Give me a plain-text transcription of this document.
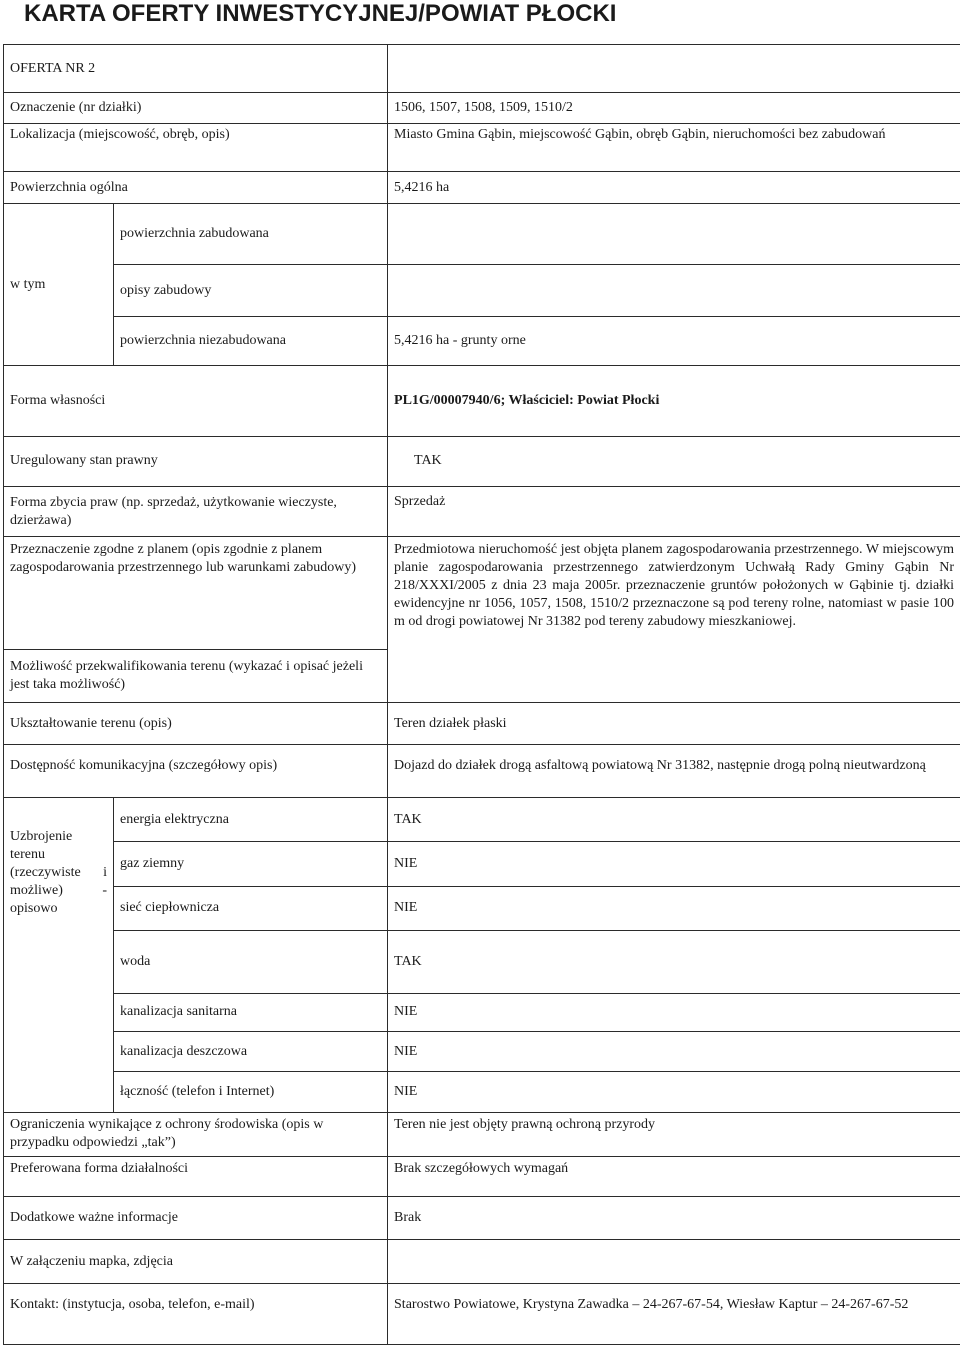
KARTA OFERTY INWESTYCYJNEJ/POWIAT PŁOCKI
OFERTA NR 2		
Oznaczenie (nr działki)		1506, 1507, 1508, 1509, 1510/2
Lokalizacja (miejscowość, obręb, opis)		Miasto Gmina Gąbin, miejscowość Gąbin, obręb Gąbin, nieruchomości bez zabudowań
Powierzchnia ogólna		5,4216 ha
w tym	powierzchnia zabudowana	
	opisy zabudowy	
	powierzchnia niezabudowana	5,4216 ha - grunty orne
Forma własności		PL1G/00007940/6; Właściciel: Powiat Płocki
Uregulowany stan prawny		TAK
Forma zbycia praw (np. sprzedaż, użytkowanie wieczyste, dzierżawa)		Sprzedaż
Przeznaczenie zgodne z planem (opis zgodnie z planem zagospodarowania przestrzennego lub warunkami zabudowy)		Przedmiotowa nieruchomość jest objęta planem zagospodarowania przestrzennego. W miejscowym planie zagospodarowania przestrzennego zatwierdzonym Uchwałą Rady Gminy Gąbin Nr 218/XXXI/2005 z dnia 23 maja 2005r. przeznaczenie gruntów położonych w Gąbinie tj. działki ewidencyjne nr 1056, 1057, 1508, 1510/2 przeznaczone są pod tereny rolne, natomiast w pasie 100 m od drogi powiatowej Nr 31382 pod tereny zabudowy mieszkaniowej.
Możliwość przekwalifikowania terenu (wykazać i opisać jeżeli jest taka możliwość)		
Ukształtowanie terenu (opis)		Teren działek płaski
Dostępność komunikacyjna (szczegółowy opis)		Dojazd do działek drogą asfaltową powiatową Nr 31382, następnie drogą polną nieutwardzoną
Uzbrojenie terenu (rzeczywiste i możliwe) - opisowo	energia elektryczna	TAK
	gaz ziemny	NIE
	sieć ciepłownicza	NIE
	woda	TAK
	kanalizacja sanitarna	NIE
	kanalizacja deszczowa	NIE
	łączność (telefon i Internet)	NIE
Ograniczenia wynikające z ochrony środowiska (opis w przypadku odpowiedzi „tak”)		Teren nie jest objęty prawną ochroną przyrody
Preferowana forma działalności		Brak szczegółowych wymagań
Dodatkowe ważne informacje		Brak
W załączeniu mapka, zdjęcia		
Kontakt: (instytucja, osoba, telefon, e-mail)		Starostwo Powiatowe, Krystyna Zawadka – 24-267-67-54, Wiesław Kaptur – 24-267-67-52
